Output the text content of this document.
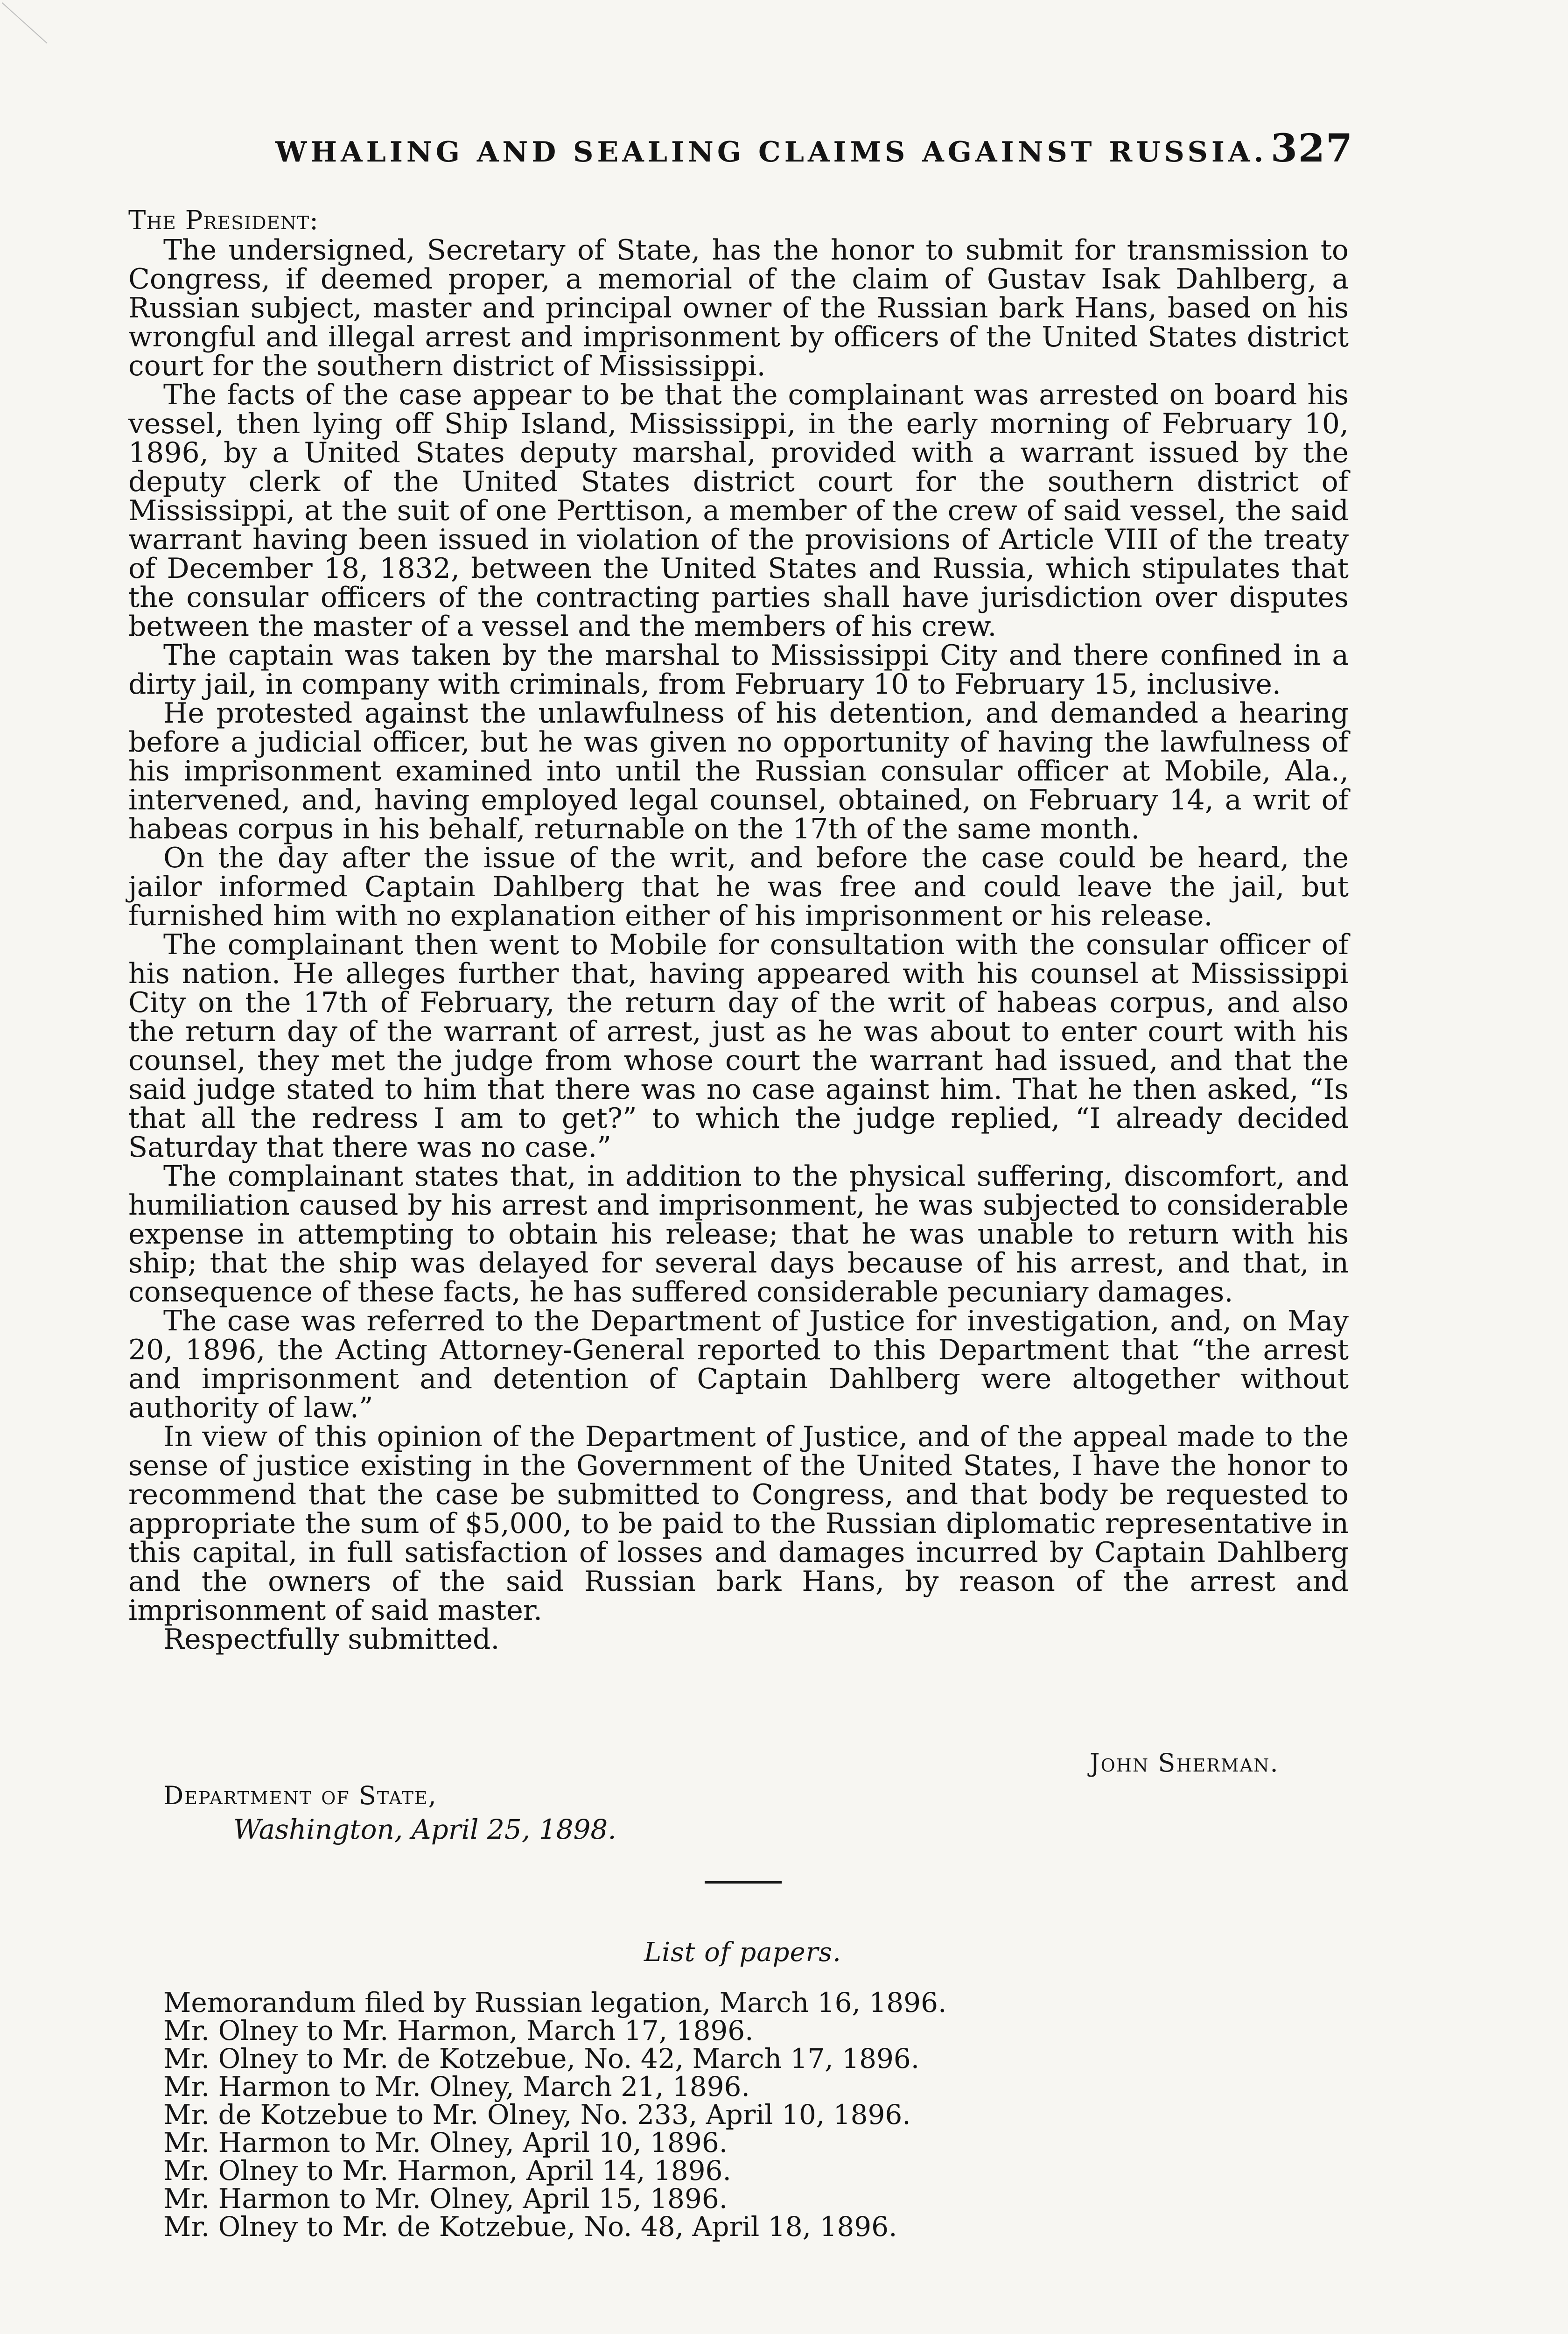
WHALING AND SEALING CLAIMS AGAINST RUSSIA. 327
The President:

The undersigned, Secretary of State, has the honor to submit for transmission to Congress, if deemed proper, a memorial of the claim of Gustav Isak Dahlberg, a Russian subject, master and principal owner of the Russian bark Hans, based on his wrongful and illegal arrest and imprisonment by officers of the United States district court for the southern district of Mississippi.

The facts of the case appear to be that the complainant was arrested on board his vessel, then lying off Ship Island, Mississippi, in the early morning of February 10, 1896, by a United States deputy marshal, provided with a warrant issued by the deputy clerk of the United States district court for the southern district of Mississippi, at the suit of one Perttison, a member of the crew of said vessel, the said warrant having been issued in violation of the provisions of Article VIII of the treaty of December 18, 1832, between the United States and Russia, which stipulates that the consular officers of the contracting parties shall have jurisdiction over disputes between the master of a vessel and the members of his crew.

The captain was taken by the marshal to Mississippi City and there confined in a dirty jail, in company with criminals, from February 10 to February 15, inclusive.

He protested against the unlawfulness of his detention, and demanded a hearing before a judicial officer, but he was given no opportunity of having the lawfulness of his imprisonment examined into until the Russian consular officer at Mobile, Ala., intervened, and, having employed legal counsel, obtained, on February 14, a writ of habeas corpus in his behalf, returnable on the 17th of the same month.

On the day after the issue of the writ, and before the case could be heard, the jailor informed Captain Dahlberg that he was free and could leave the jail, but furnished him with no explanation either of his imprisonment or his release.

The complainant then went to Mobile for consultation with the consular officer of his nation. He alleges further that, having appeared with his counsel at Mississippi City on the 17th of February, the return day of the writ of habeas corpus, and also the return day of the warrant of arrest, just as he was about to enter court with his counsel, they met the judge from whose court the warrant had issued, and that the said judge stated to him that there was no case against him. That he then asked, “Is that all the redress I am to get?” to which the judge replied, “I already decided Saturday that there was no case.”

The complainant states that, in addition to the physical suffering, discomfort, and humiliation caused by his arrest and imprisonment, he was subjected to considerable expense in attempting to obtain his release; that he was unable to return with his ship; that the ship was delayed for several days because of his arrest, and that, in consequence of these facts, he has suffered considerable pecuniary damages.

The case was referred to the Department of Justice for investigation, and, on May 20, 1896, the Acting Attorney-General reported to this Department that “the arrest and imprisonment and detention of Captain Dahlberg were altogether without authority of law.”

In view of this opinion of the Department of Justice, and of the appeal made to the sense of justice existing in the Government of the United States, I have the honor to recommend that the case be submitted to Congress, and that body be requested to appropriate the sum of $5,000, to be paid to the Russian diplomatic representative in this capital, in full satisfaction of losses and damages incurred by Captain Dahlberg and the owners of the said Russian bark Hans, by reason of the arrest and imprisonment of said master.

Respectfully submitted.

John Sherman.
Department of State,
Washington, April 25, 1898.
List of papers.
Memorandum filed by Russian legation, March 16, 1896.
Mr. Olney to Mr. Harmon, March 17, 1896.
Mr. Olney to Mr. de Kotzebue, No. 42, March 17, 1896.
Mr. Harmon to Mr. Olney, March 21, 1896.
Mr. de Kotzebue to Mr. Olney, No. 233, April 10, 1896.
Mr. Harmon to Mr. Olney, April 10, 1896.
Mr. Olney to Mr. Harmon, April 14, 1896.
Mr. Harmon to Mr. Olney, April 15, 1896.
Mr. Olney to Mr. de Kotzebue, No. 48, April 18, 1896.
